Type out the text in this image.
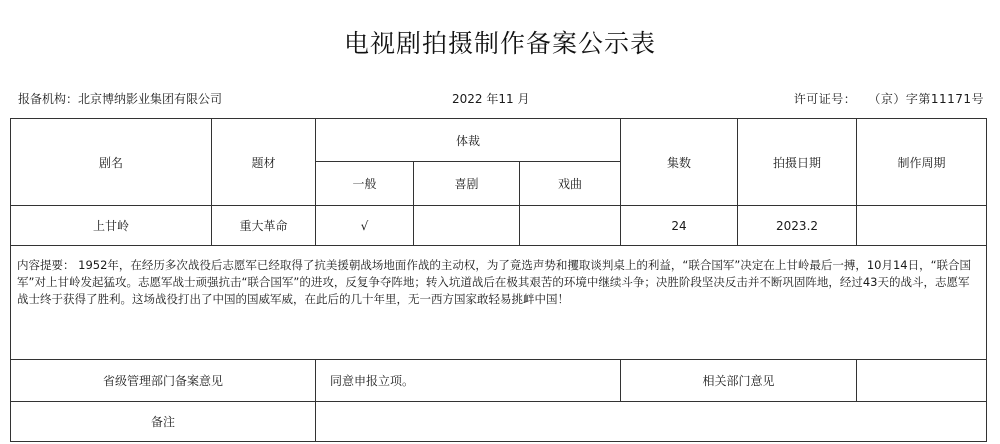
电视剧拍摄制作备案公示表
报备机构：北京博纳影业集团有限公司	2022 年11 月	许可证号： （京）字第11171号
剧名	题材	体裁			集数	拍摄日期	制作周期
		一般	喜剧	戏曲			
上甘岭	重大革命	√			24	2023.2	
内容提要： 1952年，在经历多次战役后志愿军已经取得了抗美援朝战场地面作战的主动权，为了竟选声势和攫取谈判桌上的利益，“联合国军”决定在上甘岭最后一搏，10月14日，“联合国军”对上甘岭发起猛攻。志愿军战士顽强抗击“联合国军”的进攻，反复争夺阵地；转入坑道战后在极其艰苦的环境中继续斗争；决胜阶段坚决反击并不断巩固阵地，经过43天的战斗，志愿军战士终于获得了胜利。这场战役打出了中国的国威军威，在此后的几十年里，无一西方国家敢轻易挑衅中国！							
省级管理部门备案意见		同意申报立项。			相关部门意见		
备注							
